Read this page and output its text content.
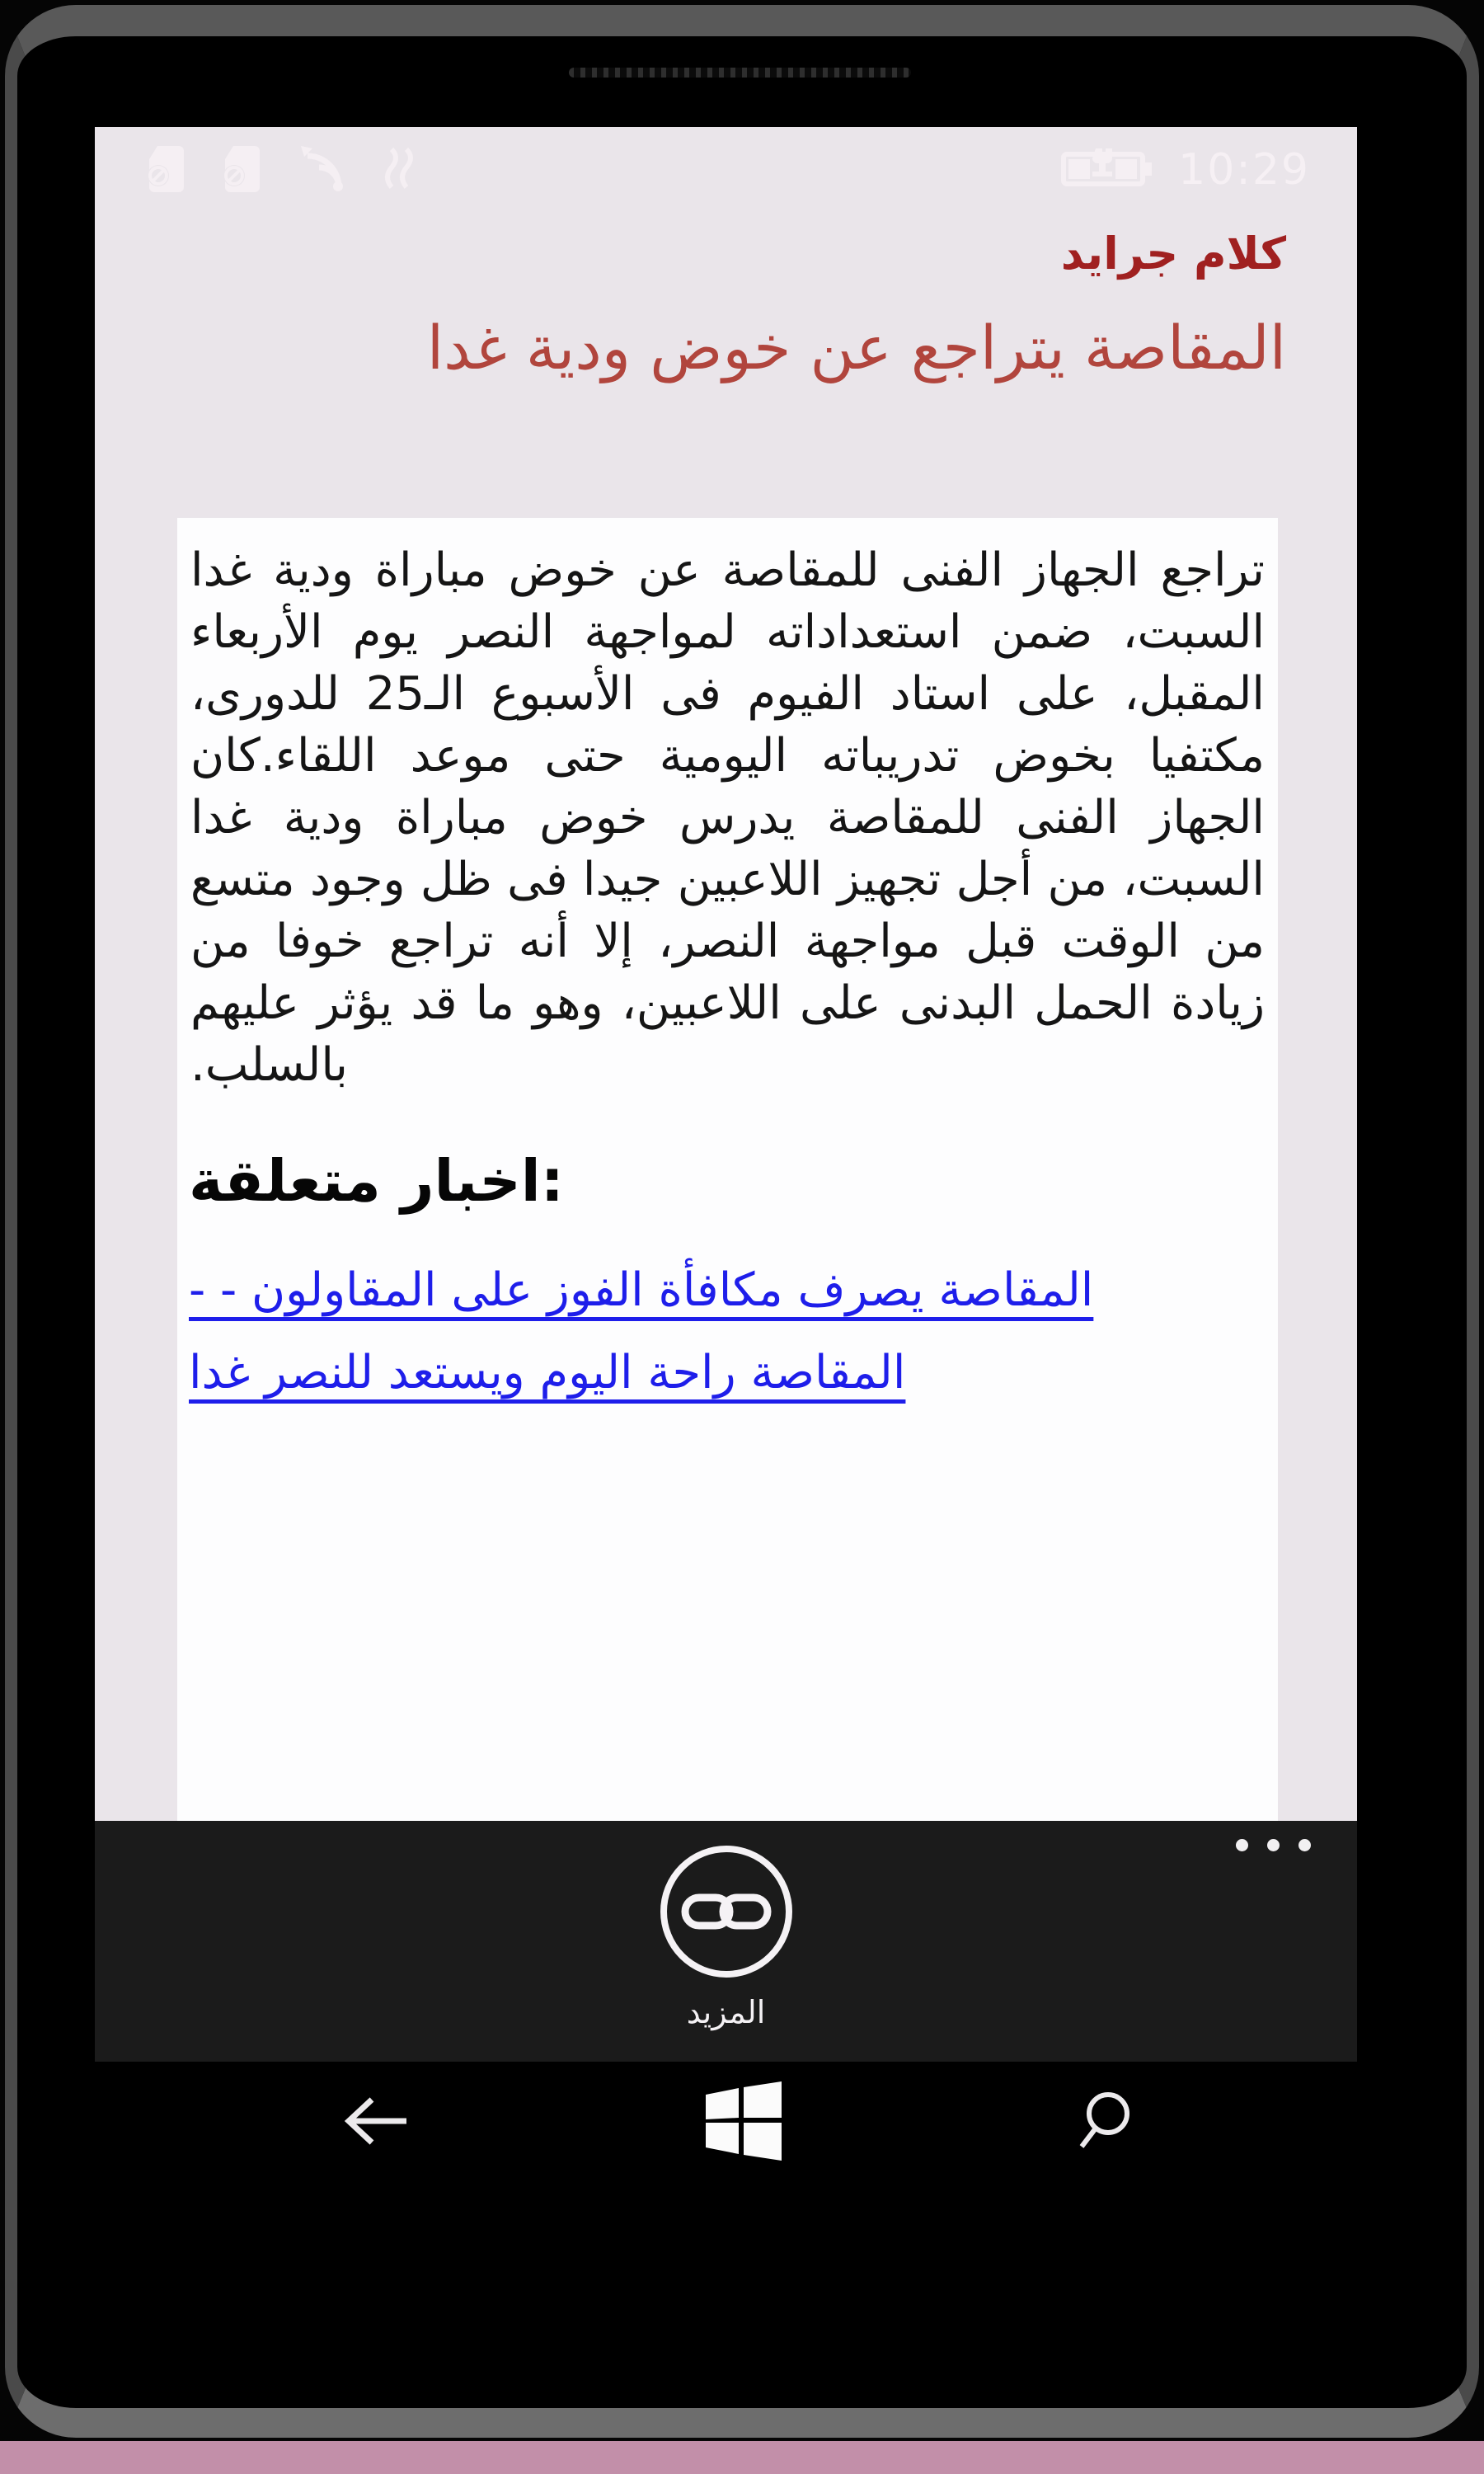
10:29
كلام جرايد
المقاصة يتراجع عن خوض ودية غدا

تراجع الجهاز الفنى للمقاصة عن خوض مباراة ودية غدا السبت، ضمن استعداداته لمواجهة النصر يوم الأربعاء المقبل، على استاد الفيوم فى الأسبوع الـ25 للدورى، مكتفيا بخوض تدريباته اليومية حتى موعد اللقاء.كان الجهاز الفنى للمقاصة يدرس خوض مباراة ودية غدا السبت، من أجل تجهيز اللاعبين جيدا فى ظل وجود متسع من الوقت قبل مواجهة النصر، إلا أنه تراجع خوفا من زيادة الحمل البدنى على اللاعبين، وهو ما قد يؤثر عليهم بالسلب.

اخبار متعلقة:
المقاصة يصرف مكافأة الفوز على المقاولون - -
المقاصة راحة اليوم ويستعد للنصر غدا
المزيد
